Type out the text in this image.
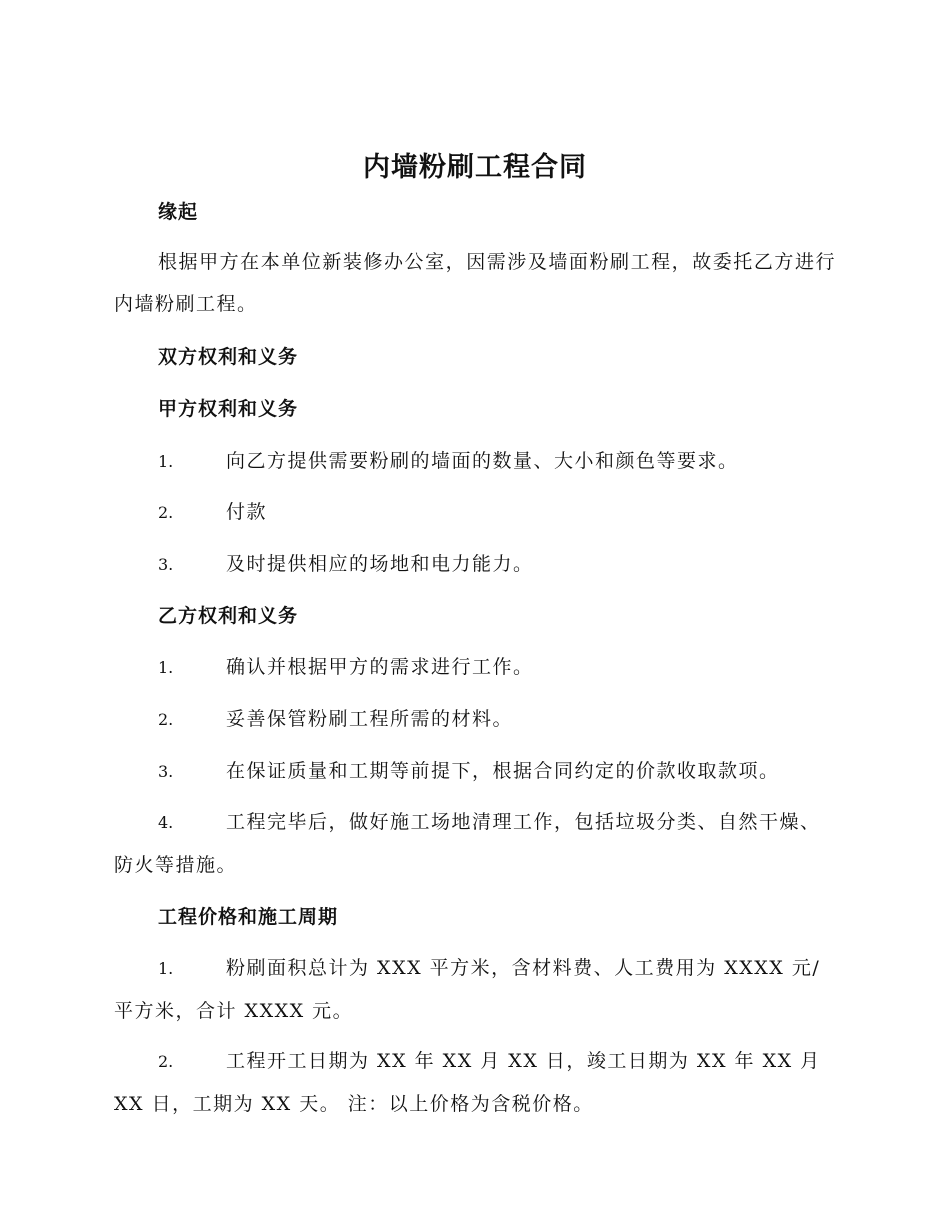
内墙粉刷工程合同
缘起
根据甲方在本单位新装修办公室，因需涉及墙面粉刷工程，故委托乙方进行内墙粉刷工程。
双方权利和义务
甲方权利和义务
1.	向乙方提供需要粉刷的墙面的数量、大小和颜色等要求。
2.	付款
3.	及时提供相应的场地和电力能力。
乙方权利和义务
1.	确认并根据甲方的需求进行工作。
2.	妥善保管粉刷工程所需的材料。
3.	在保证质量和工期等前提下，根据合同约定的价款收取款项。
4.	工程完毕后，做好施工场地清理工作，包括垃圾分类、自然干燥、防火等措施。
工程价格和施工周期
1.	粉刷面积总计为 XXX 平方米，含材料费、人工费用为 XXXX 元/平方米，合计 XXXX 元。
2.	工程开工日期为 XX 年 XX 月 XX 日，竣工日期为 XX 年 XX 月 XX 日，工期为 XX 天。 注：以上价格为含税价格。
